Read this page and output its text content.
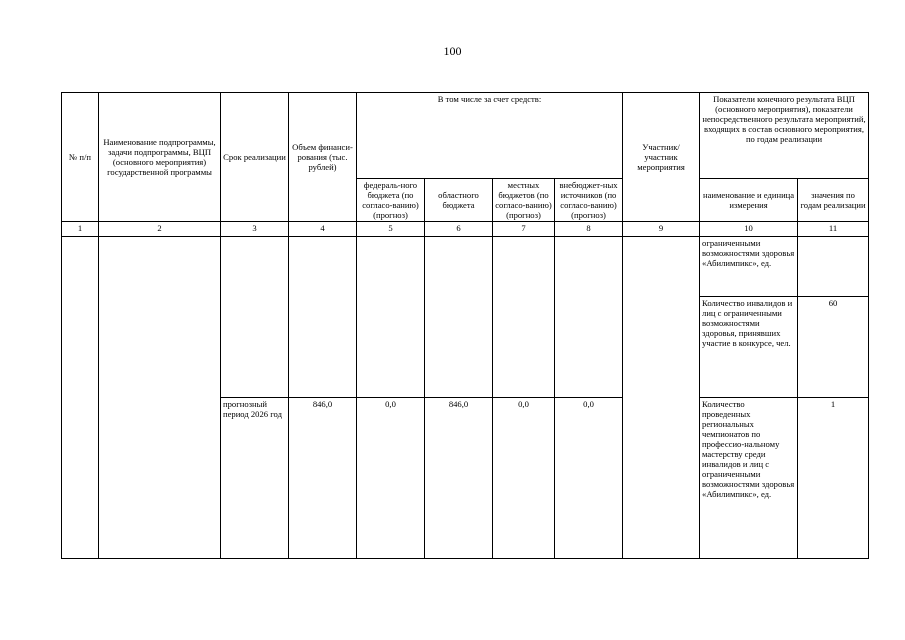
100
№ п/п	Наименование подпрограммы, задачи подпрограммы, ВЦП (основного мероприятия) государственной программы	Срок реализации	Объем финанси-рования (тыс. рублей)	В том числе за счет средств:				Участник/ участник мероприятия	Показатели конечного результата ВЦП (основного мероприятия), показатели непосредственного результата мероприятий, входящих в состав основного мероприятия, по годам реализации	
				федераль-ного бюджета (по согласо-ванию) (прогноз)	областного бюджета	местных бюджетов (по согласо-ванию) (прогноз)	внебюджет-ных источников (по согласо-ванию) (прогноз)		наименование и единица измерения	значения по годам реализации
1	2	3	4	5	6	7	8	9	10	11
									ограниченными возможностями здоровья «Абилимпикс», ед.	
									Количество инвалидов и лиц с ограниченными возможностями здоровья, принявших участие в конкурсе, чел.	60
		прогнозный период 2026 год	846,0	0,0	846,0	0,0	0,0		Количество проведенных региональных чемпионатов по профессио-нальному мастерству среди инвалидов и лиц с ограниченными возможностями здоровья «Абилимпикс», ед.	1
